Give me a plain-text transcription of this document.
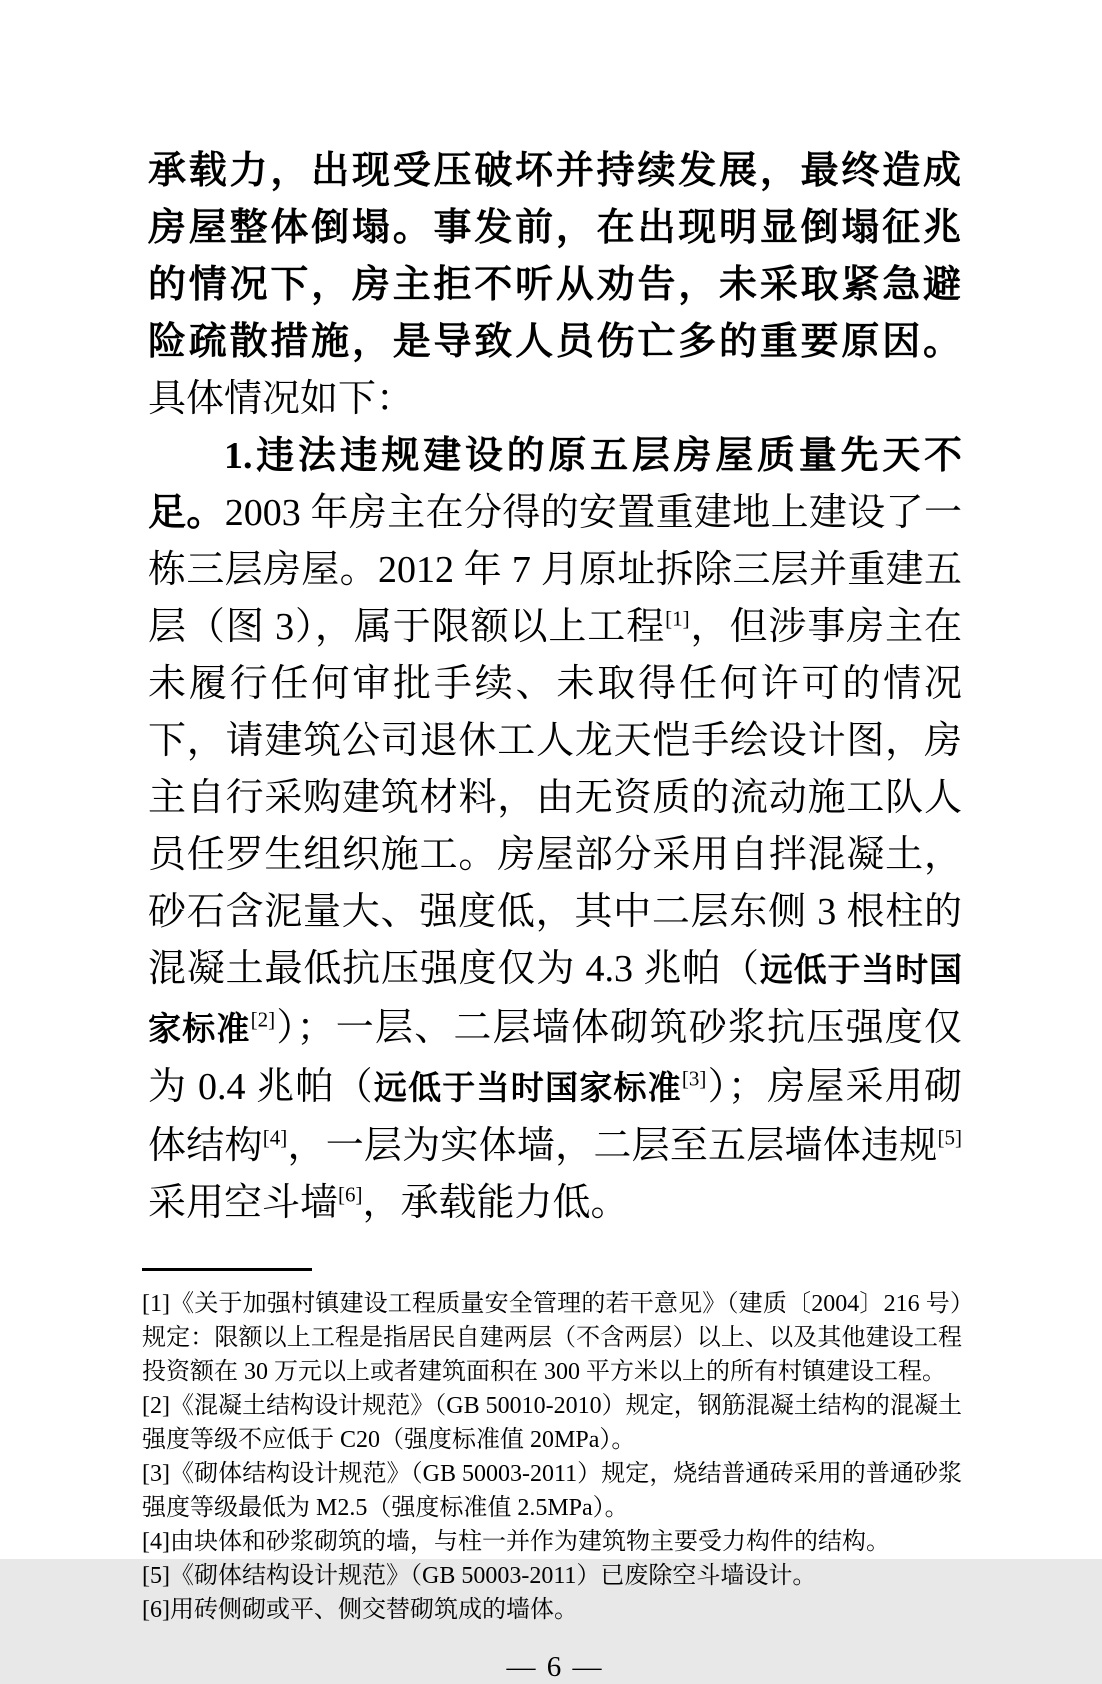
承载力，出现受压破坏并持续发展，最终造成房屋整体倒塌。事发前，在出现明显倒塌征兆的情况下，房主拒不听从劝告，未采取紧急避险疏散措施，是导致人员伤亡多的重要原因。具体情况如下：

1.违法违规建设的原五层房屋质量先天不足。2003 年房主在分得的安置重建地上建设了一栋三层房屋。2012 年 7 月原址拆除三层并重建五层（图 3），属于限额以上工程[1]，但涉事房主在未履行任何审批手续、未取得任何许可的情况下，请建筑公司退休工人龙天恺手绘设计图，房主自行采购建筑材料，由无资质的流动施工队人员任罗生组织施工。房屋部分采用自拌混凝土，砂石含泥量大、强度低，其中二层东侧 3 根柱的混凝土最低抗压强度仅为 4.3 兆帕（远低于当时国家标准[2]）；一层、二层墙体砌筑砂浆抗压强度仅为 0.4 兆帕（远低于当时国家标准[3]）；房屋采用砌体结构[4]，一层为实体墙，二层至五层墙体违规[5]采用空斗墙[6]，承载能力低。

[1]《关于加强村镇建设工程质量安全管理的若干意见》（建质〔2004〕216 号）规定：限额以上工程是指居民自建两层（不含两层）以上、以及其他建设工程投资额在 30 万元以上或者建筑面积在 300 平方米以上的所有村镇建设工程。

[2]《混凝土结构设计规范》（GB 50010-2010）规定，钢筋混凝土结构的混凝土强度等级不应低于 C20（强度标准值 20MPa）。

[3]《砌体结构设计规范》（GB 50003-2011）规定，烧结普通砖采用的普通砂浆强度等级最低为 M2.5（强度标准值 2.5MPa）。

[4]由块体和砂浆砌筑的墙，与柱一并作为建筑物主要受力构件的结构。

[5]《砌体结构设计规范》（GB 50003-2011）已废除空斗墙设计。

[6]用砖侧砌或平、侧交替砌筑成的墙体。

— 6 —
